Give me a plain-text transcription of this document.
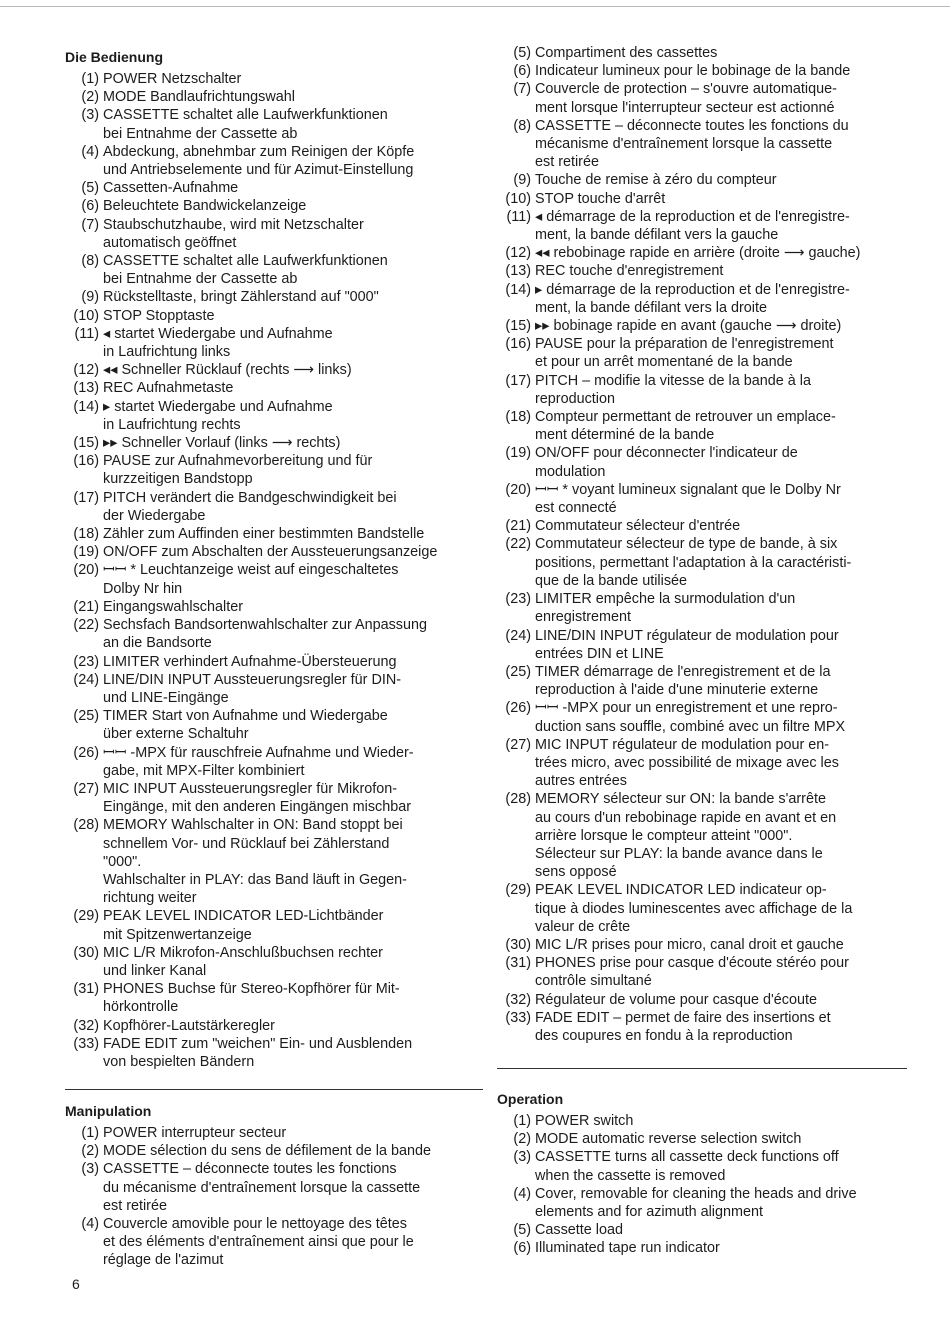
Die Bedienung
(1) POWER Netzschalter
(2) MODE Bandlaufrichtungswahl
(3) CASSETTE schaltet alle Laufwerkfunktionen
bei Entnahme der Cassette ab
(4) Abdeckung, abnehmbar zum Reinigen der Köpfe
und Antriebselemente und für Azimut-Einstellung
(5) Cassetten-Aufnahme
(6) Beleuchtete Bandwickelanzeige
(7) Staubschutzhaube, wird mit Netzschalter
automatisch geöffnet
(8) CASSETTE schaltet alle Laufwerkfunktionen
bei Entnahme der Cassette ab
(9) Rückstelltaste, bringt Zählerstand auf "000"
(10) STOP Stopptaste
(11) ◂ startet Wiedergabe und Aufnahme
in Laufrichtung links
(12) ◂◂ Schneller Rücklauf (rechts ⟶ links)
(13) REC Aufnahmetaste
(14) ▸ startet Wiedergabe und Aufnahme
in Laufrichtung rechts
(15) ▸▸ Schneller Vorlauf (links ⟶ rechts)
(16) PAUSE zur Aufnahmevorbereitung und für
kurzzeitigen Bandstopp
(17) PITCH verändert die Bandgeschwindigkeit bei
der Wiedergabe
(18) Zähler zum Auffinden einer bestimmten Bandstelle
(19) ON/OFF zum Abschalten der Aussteuerungsanzeige
(20) ꟷꟷ * Leuchtanzeige weist auf eingeschaltetes
Dolby Nr hin
(21) Eingangswahlschalter
(22) Sechsfach Bandsortenwahlschalter zur Anpassung
an die Bandsorte
(23) LIMITER verhindert Aufnahme-Übersteuerung
(24) LINE/DIN INPUT Aussteuerungsregler für DIN-
und LINE-Eingänge
(25) TIMER Start von Aufnahme und Wiedergabe
über externe Schaltuhr
(26) ꟷꟷ -MPX für rauschfreie Aufnahme und Wieder-
gabe, mit MPX-Filter kombiniert
(27) MIC INPUT Aussteuerungsregler für Mikrofon-
Eingänge, mit den anderen Eingängen mischbar
(28) MEMORY Wahlschalter in ON: Band stoppt bei
schnellem Vor- und Rücklauf bei Zählerstand
"000".
Wahlschalter in PLAY: das Band läuft in Gegen-
richtung weiter
(29) PEAK LEVEL INDICATOR LED-Lichtbänder
mit Spitzenwertanzeige
(30) MIC L/R Mikrofon-Anschlußbuchsen rechter
und linker Kanal
(31) PHONES Buchse für Stereo-Kopfhörer für Mit-
hörkontrolle
(32) Kopfhörer-Lautstärkeregler
(33) FADE EDIT zum "weichen" Ein- und Ausblenden
von bespielten Bändern
Manipulation
(1) POWER interrupteur secteur
(2) MODE sélection du sens de défilement de la bande
(3) CASSETTE – déconnecte toutes les fonctions
du mécanisme d'entraînement lorsque la cassette
est retirée
(4) Couvercle amovible pour le nettoyage des têtes
et des éléments d'entraînement ainsi que pour le
réglage de l'azimut
(5) Compartiment des cassettes
(6) Indicateur lumineux pour le bobinage de la bande
(7) Couvercle de protection – s'ouvre automatique-
ment lorsque l'interrupteur secteur est actionné
(8) CASSETTE – déconnecte toutes les fonctions du
mécanisme d'entraînement lorsque la cassette
est retirée
(9) Touche de remise à zéro du compteur
(10) STOP touche d'arrêt
(11) ◂ démarrage de la reproduction et de l'enregistre-
ment, la bande défilant vers la gauche
(12) ◂◂ rebobinage rapide en arrière (droite ⟶ gauche)
(13) REC touche d'enregistrement
(14) ▸ démarrage de la reproduction et de l'enregistre-
ment, la bande défilant vers la droite
(15) ▸▸ bobinage rapide en avant (gauche ⟶ droite)
(16) PAUSE pour la préparation de l'enregistrement
et pour un arrêt momentané de la bande
(17) PITCH – modifie la vitesse de la bande à la
reproduction
(18) Compteur permettant de retrouver un emplace-
ment déterminé de la bande
(19) ON/OFF pour déconnecter l'indicateur de
modulation
(20) ꟷꟷ * voyant lumineux signalant que le Dolby Nr
est connecté
(21) Commutateur sélecteur d'entrée
(22) Commutateur sélecteur de type de bande, à six
positions, permettant l'adaptation à la caractéristi-
que de la bande utilisée
(23) LIMITER empêche la surmodulation d'un
enregistrement
(24) LINE/DIN INPUT régulateur de modulation pour
entrées DIN et LINE
(25) TIMER démarrage de l'enregistrement et de la
reproduction à l'aide d'une minuterie externe
(26) ꟷꟷ -MPX pour un enregistrement et une repro-
duction sans souffle, combiné avec un filtre MPX
(27) MIC INPUT régulateur de modulation pour en-
trées micro, avec possibilité de mixage avec les
autres entrées
(28) MEMORY sélecteur sur ON: la bande s'arrête
au cours d'un rebobinage rapide en avant et en
arrière lorsque le compteur atteint "000".
Sélecteur sur PLAY: la bande avance dans le
sens opposé
(29) PEAK LEVEL INDICATOR LED indicateur op-
tique à diodes luminescentes avec affichage de la
valeur de crête
(30) MIC L/R prises pour micro, canal droit et gauche
(31) PHONES prise pour casque d'écoute stéréo pour
contrôle simultané
(32) Régulateur de volume pour casque d'écoute
(33) FADE EDIT – permet de faire des insertions et
des coupures en fondu à la reproduction
Operation
(1) POWER switch
(2) MODE automatic reverse selection switch
(3) CASSETTE turns all cassette deck functions off
when the cassette is removed
(4) Cover, removable for cleaning the heads and drive
elements and for azimuth alignment
(5) Cassette load
(6) Illuminated tape run indicator
6
